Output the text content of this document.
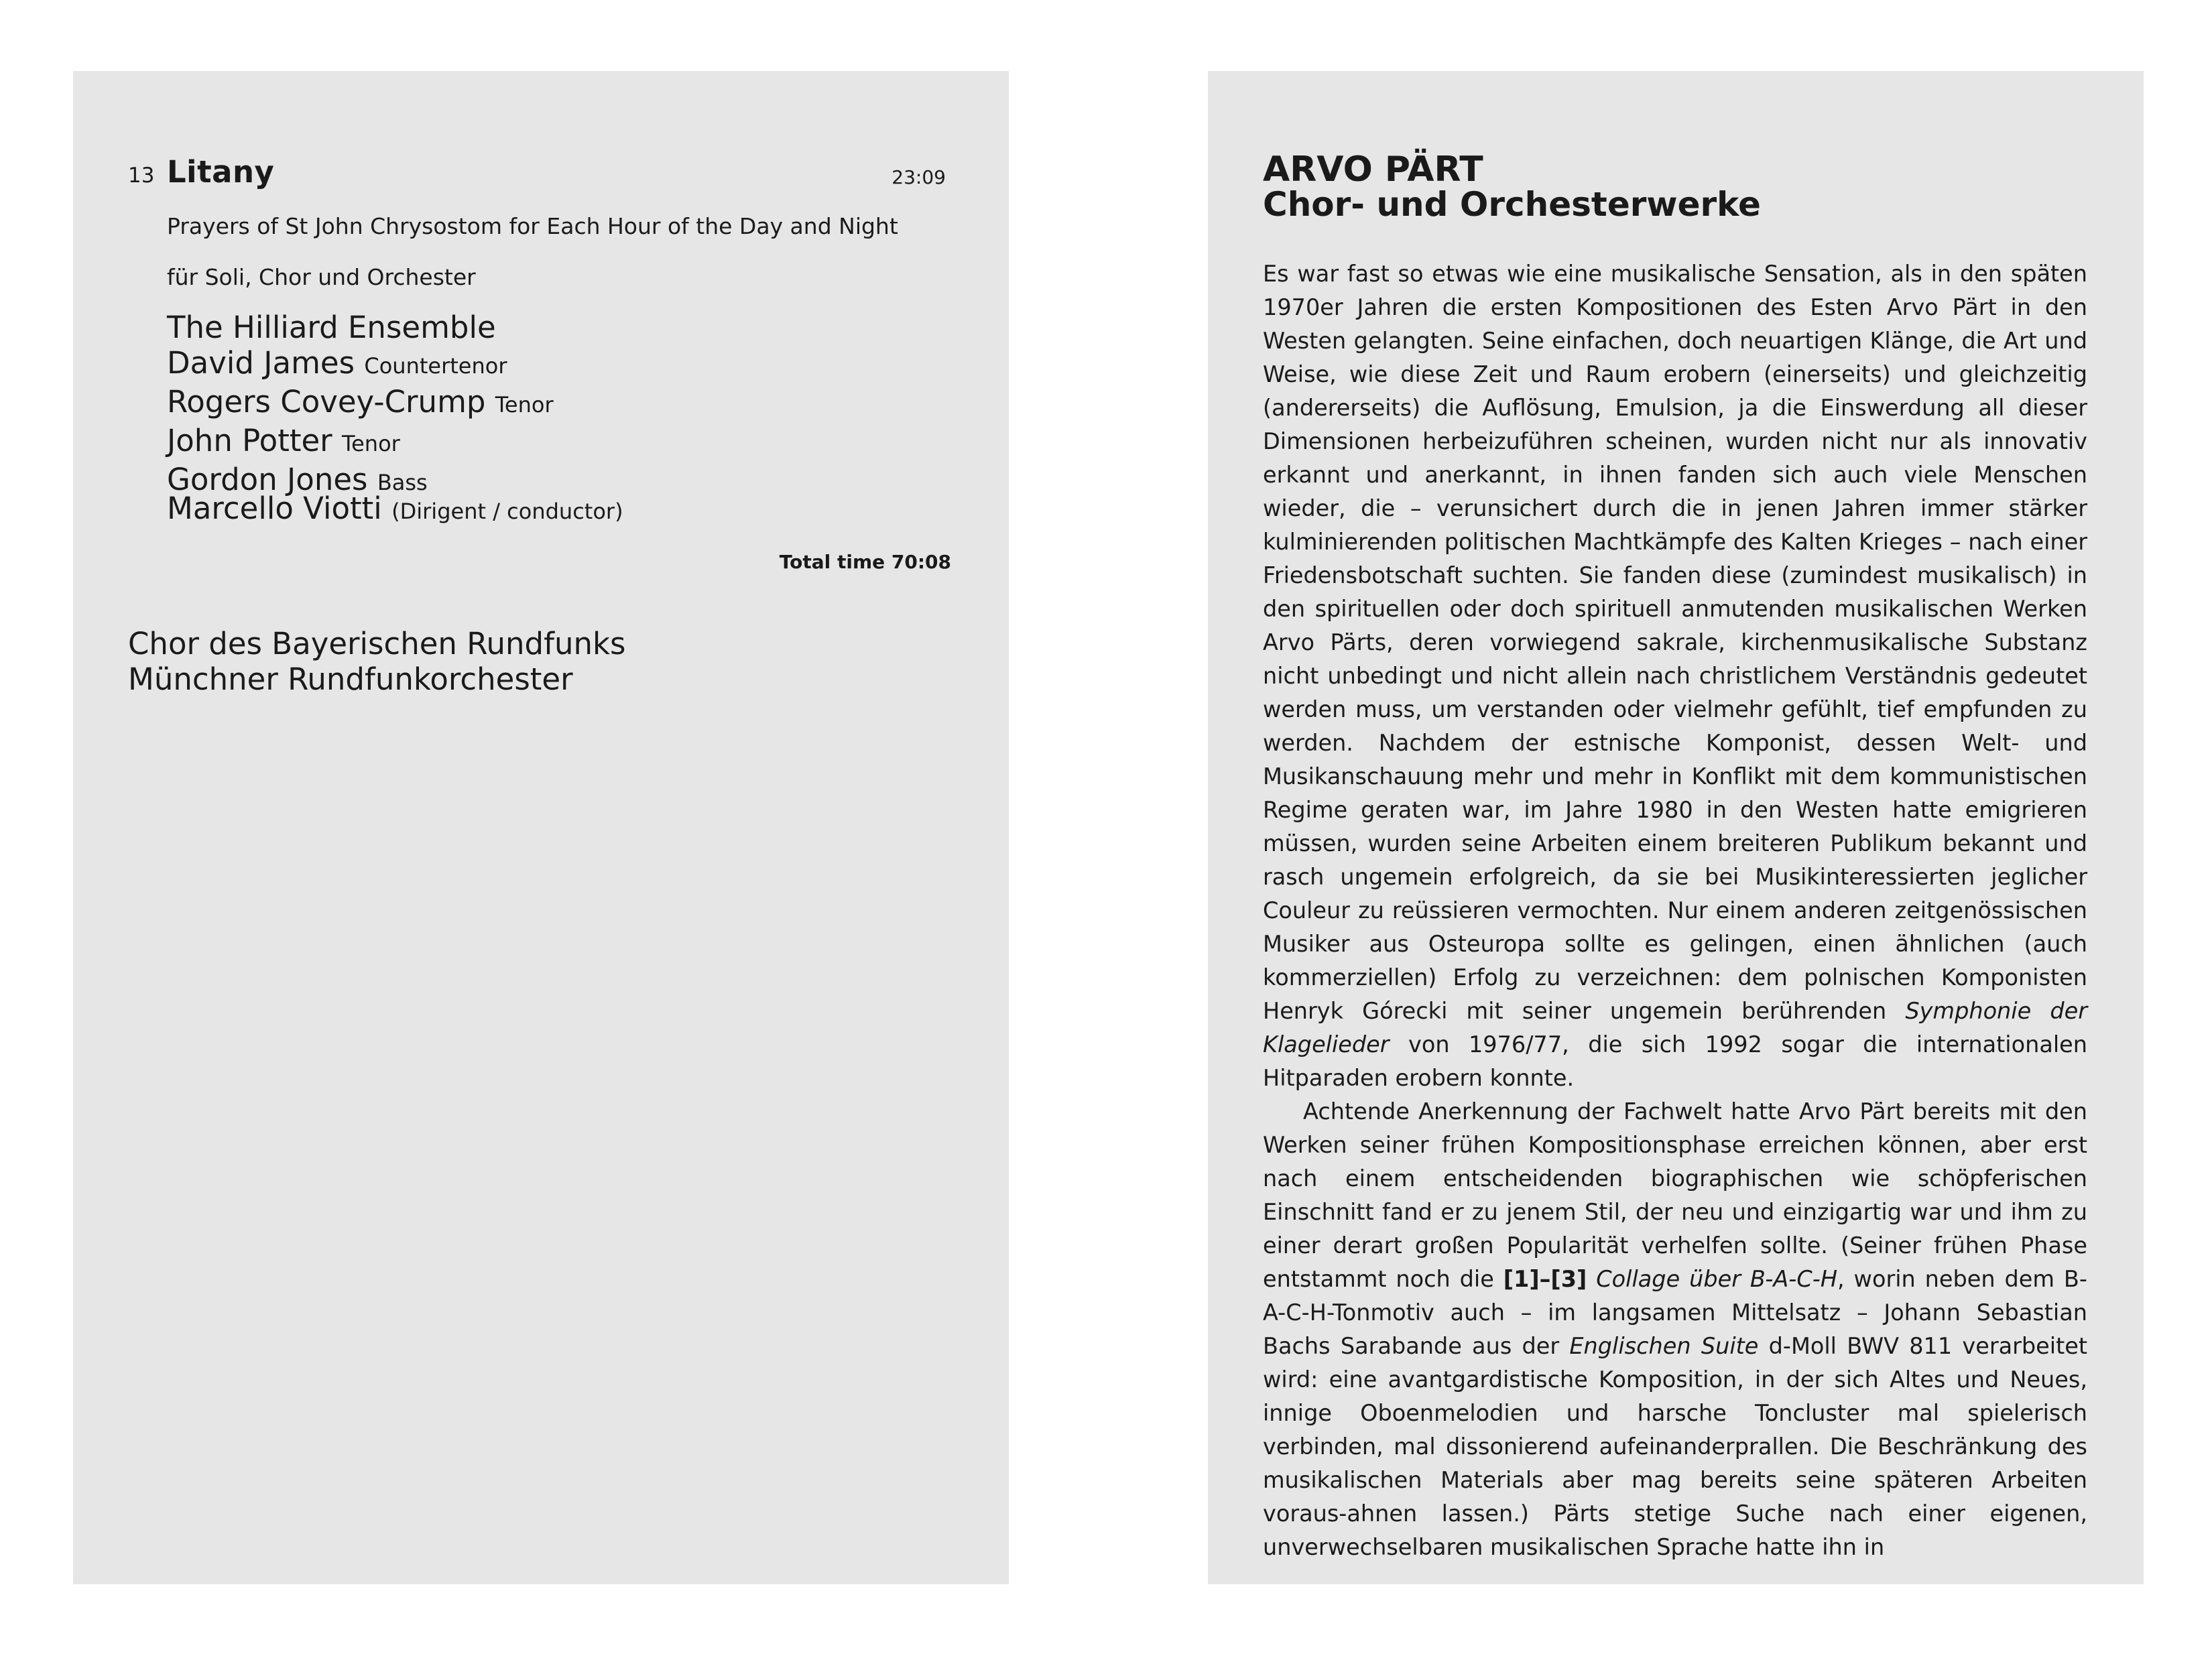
13 Litany	23:09
Prayers of St John Chrysostom for Each Hour of the Day and Night
für Soli, Chor und Orchester
The Hilliard Ensemble
David James Countertenor
Rogers Covey-Crump Tenor
John Potter Tenor
Gordon Jones Bass
Marcello Viotti (Dirigent / conductor)
Total time 70:08
Chor des Bayerischen Rundfunks
Münchner Rundfunkorchester
ARVO PÄRT
Chor- und Orchesterwerke

Es war fast so etwas wie eine musikalische Sensation, als in den späten 1970er Jahren die ersten Kompositionen des Esten Arvo Pärt in den Westen gelangten. Seine einfachen, doch neuartigen Klänge, die Art und Weise, wie diese Zeit und Raum erobern (einerseits) und gleichzeitig (andererseits) die Auflösung, Emulsion, ja die Einswerdung all dieser Dimensionen herbeizuführen scheinen, wurden nicht nur als innovativ erkannt und anerkannt, in ihnen fanden sich auch viele Menschen wieder, die – verunsichert durch die in jenen Jahren immer stärker kulminierenden politischen Machtkämpfe des Kalten Krieges – nach einer Friedensbotschaft suchten. Sie fanden diese (zumindest musikalisch) in den spirituellen oder doch spirituell anmutenden musikalischen Werken Arvo Pärts, deren vorwiegend sakrale, kirchenmusikalische Substanz nicht unbedingt und nicht allein nach christlichem Verständnis gedeutet werden muss, um verstanden oder vielmehr gefühlt, tief empfunden zu werden. Nachdem der estnische Komponist, dessen Welt- und Musikanschauung mehr und mehr in Konflikt mit dem kommunistischen Regime geraten war, im Jahre 1980 in den Westen hatte emigrieren müssen, wurden seine Arbeiten einem breiteren Publikum bekannt und rasch ungemein erfolgreich, da sie bei Musikinteressierten jeglicher Couleur zu reüssieren vermochten. Nur einem anderen zeitgenössischen Musiker aus Osteuropa sollte es gelingen, einen ähnlichen (auch kommerziellen) Erfolg zu verzeichnen: dem polnischen Komponisten Henryk Górecki mit seiner ungemein berührenden Symphonie der Klagelieder von 1976/77, die sich 1992 sogar die internationalen Hitparaden erobern konnte.

Achtende Anerkennung der Fachwelt hatte Arvo Pärt bereits mit den Werken seiner frühen Kompositionsphase erreichen können, aber erst nach einem entscheidenden biographischen wie schöpferischen Einschnitt fand er zu jenem Stil, der neu und einzigartig war und ihm zu einer derart großen Popularität verhelfen sollte. (Seiner frühen Phase entstammt noch die [1]–[3] Collage über B-A-C-H, worin neben dem B-A-C-H-Tonmotiv auch – im langsamen Mittelsatz – Johann Sebastian Bachs Sarabande aus der Englischen Suite d-Moll BWV 811 verarbeitet wird: eine avantgardistische Komposition, in der sich Altes und Neues, innige Oboenmelodien und harsche Toncluster mal spielerisch verbinden, mal dissonierend aufeinanderprallen. Die Beschränkung des musikalischen Materials aber mag bereits seine späteren Arbeiten voraus-ahnen lassen.) Pärts stetige Suche nach einer eigenen, unverwechselbaren musikalischen Sprache hatte ihn in
